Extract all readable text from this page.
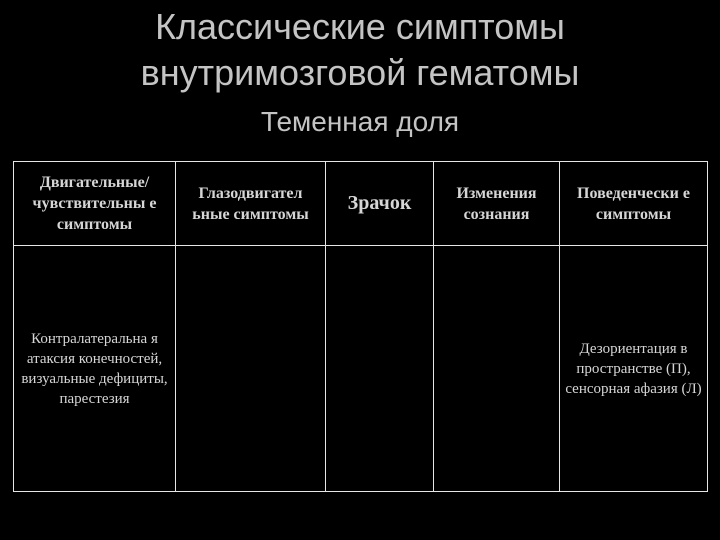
Классические симптомы
внутримозговой гематомы
Теменная доля
Двигательные/ чувствительны е симптомы	Глазодвигател ьные симптомы	Зрачок	Изменения сознания	Поведенчески е симптомы
Контралатеральна я атаксия конечностей, визуальные дефициты, парестезия				Дезориентация в пространстве (П), сенсорная афазия (Л)
